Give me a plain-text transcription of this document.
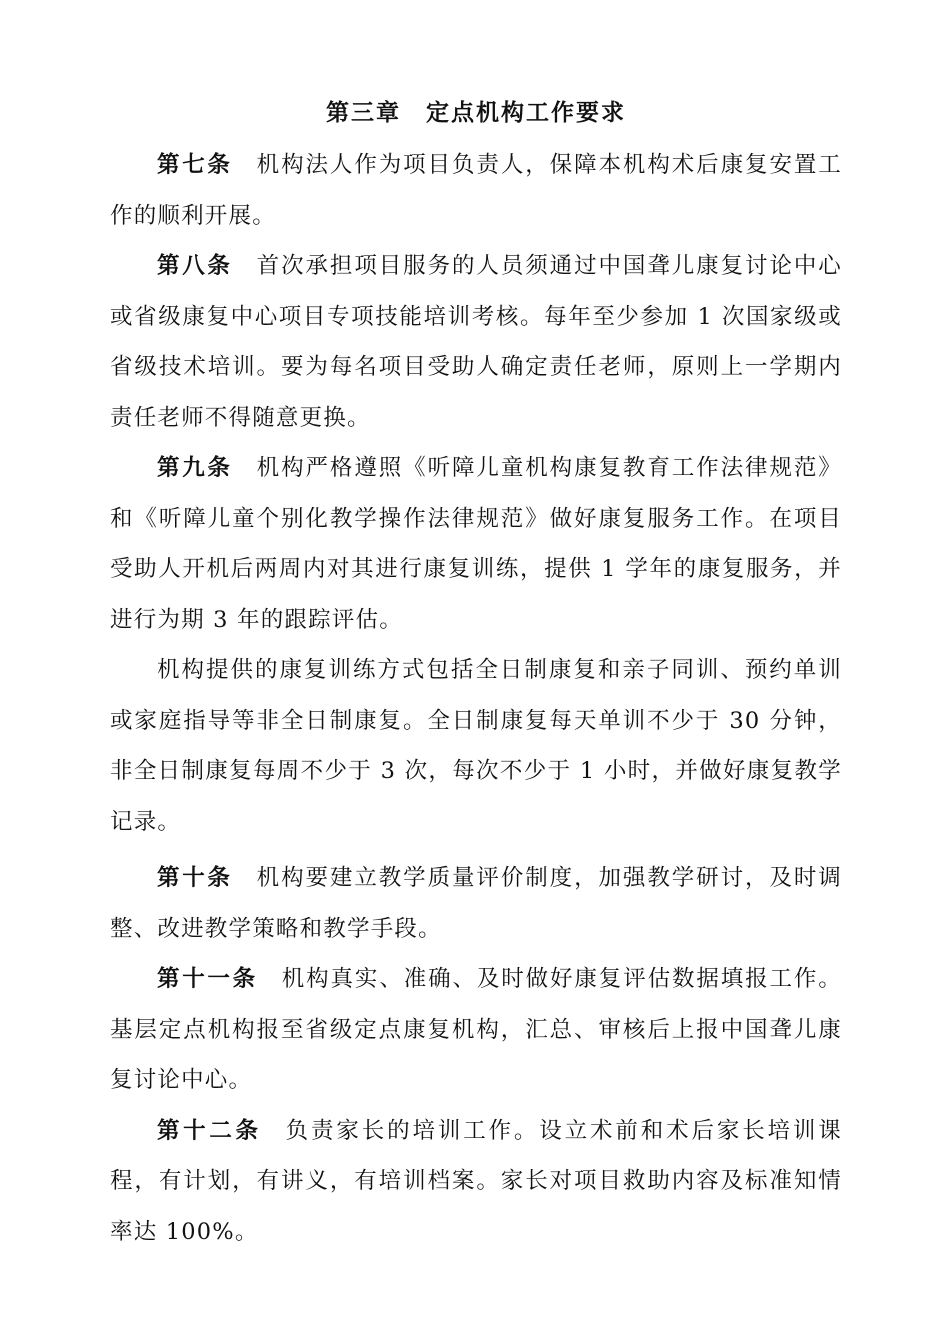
第三章　定点机构工作要求

第七条 机构法人作为项目负责人，保障本机构术后康复安置工作的顺利开展。

第八条 首次承担项目服务的人员须通过中国聋儿康复讨论中心或省级康复中心项目专项技能培训考核。每年至少参加 1 次国家级或省级技术培训。要为每名项目受助人确定责任老师，原则上一学期内责任老师不得随意更换。

第九条 机构严格遵照《听障儿童机构康复教育工作法律规范》和《听障儿童个别化教学操作法律规范》做好康复服务工作。在项目受助人开机后两周内对其进行康复训练，提供 1 学年的康复服务，并进行为期 3 年的跟踪评估。

机构提供的康复训练方式包括全日制康复和亲子同训、预约单训或家庭指导等非全日制康复。全日制康复每天单训不少于 30 分钟，非全日制康复每周不少于 3 次，每次不少于 1 小时，并做好康复教学记录。

第十条 机构要建立教学质量评价制度，加强教学研讨，及时调整、改进教学策略和教学手段。

第十一条 机构真实、准确、及时做好康复评估数据填报工作。基层定点机构报至省级定点康复机构，汇总、审核后上报中国聋儿康复讨论中心。

第十二条 负责家长的培训工作。设立术前和术后家长培训课程，有计划，有讲义，有培训档案。家长对项目救助内容及标准知情率达 100%。
